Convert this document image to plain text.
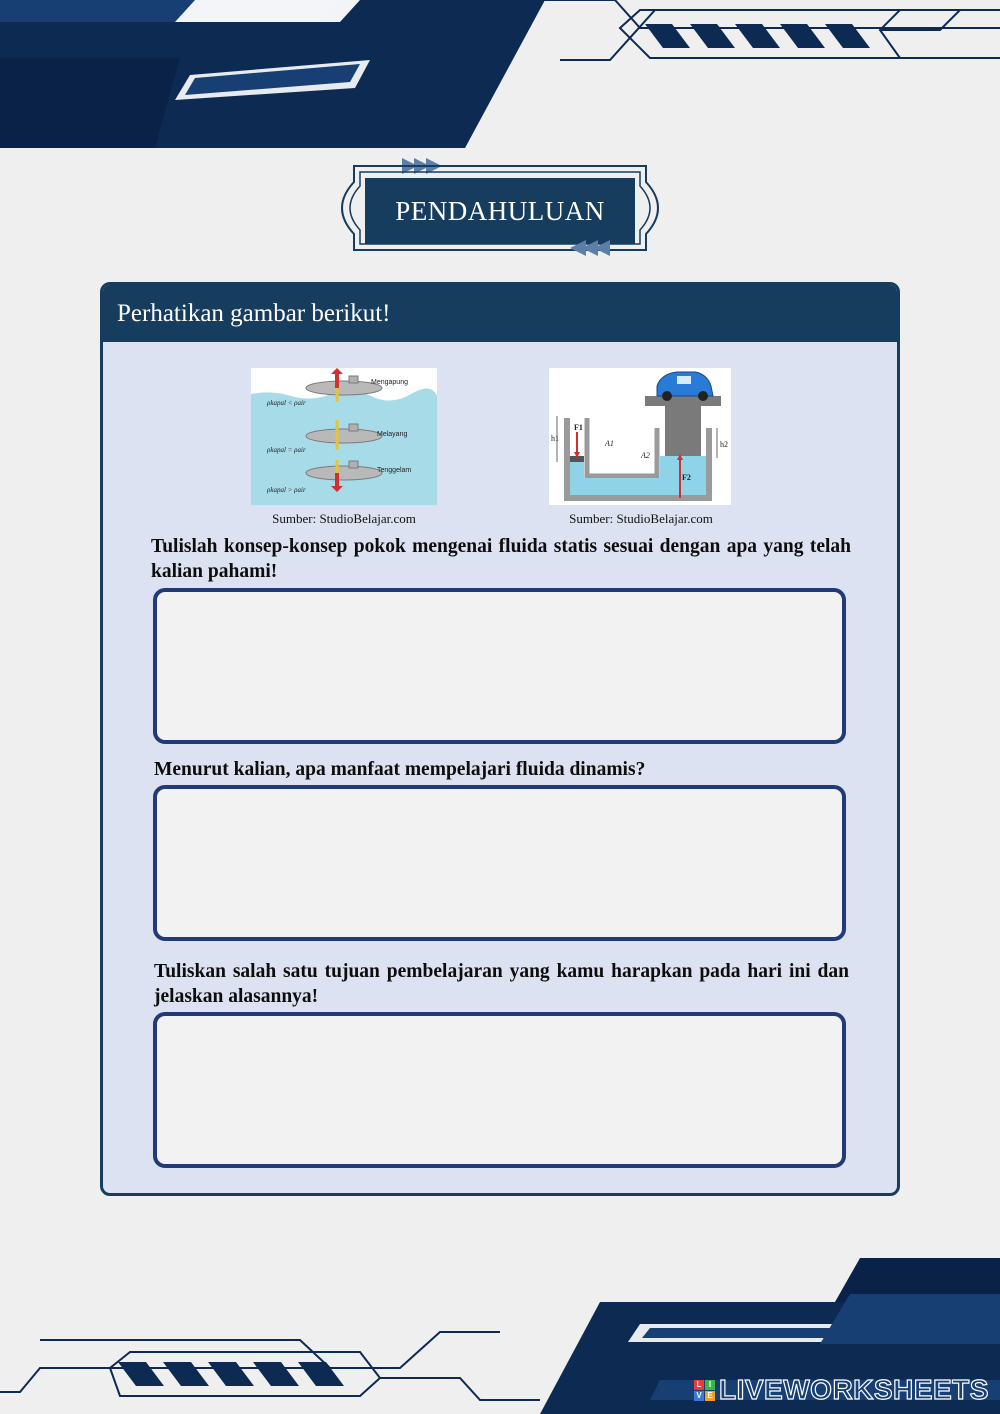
PENDAHULUAN
Perhatikan gambar berikut!
Mengapung
ρkapal < ρair
Melayang
ρkapal = ρair
Tenggelam
ρkapal > ρair
Sumber: StudioBelajar.com
h1
h2
F1
F2
A1
A2
Sumber: StudioBelajar.com
Tulislah konsep-konsep pokok mengenai fluida statis sesuai dengan apa yang telah kalian pahami!
Menurut kalian, apa manfaat mempelajari fluida dinamis?
Tuliskan salah satu tujuan pembelajaran yang kamu harapkan pada hari ini dan jelaskan alasannya!
L I
V E LIVEWORKSHEETS
